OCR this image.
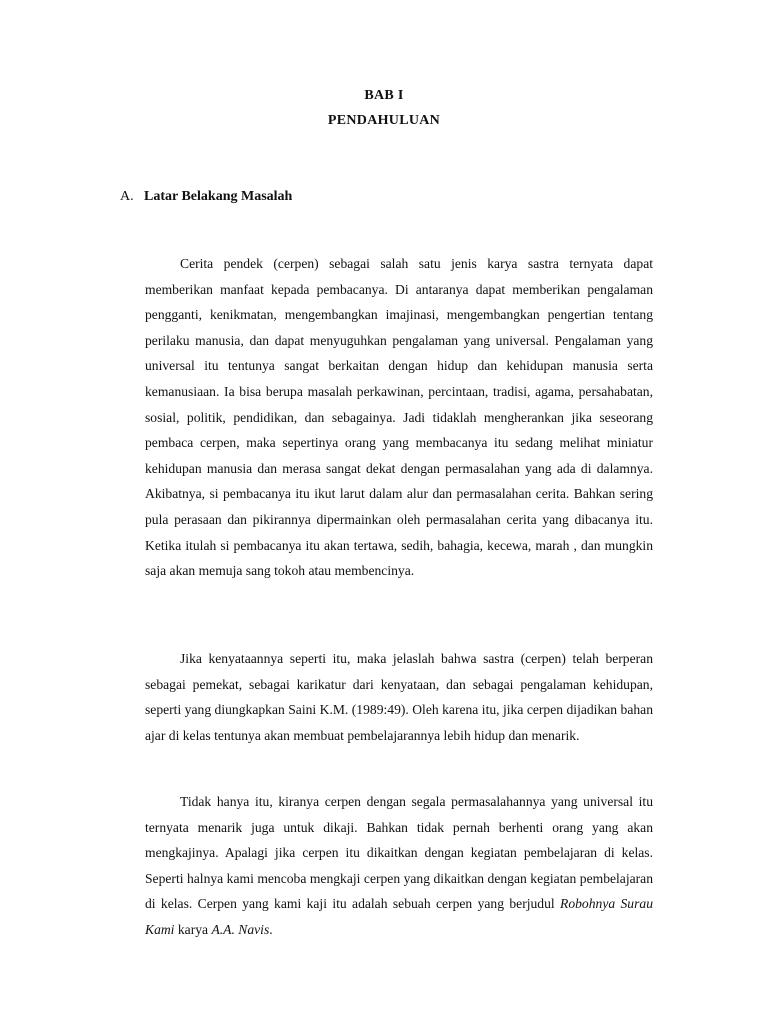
BAB I
PENDAHULUAN
A. Latar Belakang Masalah

Cerita pendek (cerpen) sebagai salah satu jenis karya sastra ternyata dapat memberikan manfaat kepada pembacanya. Di antaranya dapat memberikan pengalaman pengganti, kenikmatan, mengembangkan imajinasi, mengembangkan pengertian tentang perilaku manusia, dan dapat menyuguhkan pengalaman yang universal. Pengalaman yang universal itu tentunya sangat berkaitan dengan hidup dan kehidupan manusia serta kemanusiaan. Ia bisa berupa masalah perkawinan, percintaan, tradisi, agama, persahabatan, sosial, politik, pendidikan, dan sebagainya. Jadi tidaklah mengherankan jika seseorang pembaca cerpen, maka sepertinya orang yang membacanya itu sedang melihat miniatur kehidupan manusia dan merasa sangat dekat dengan permasalahan yang ada di dalamnya. Akibatnya, si pembacanya itu ikut larut dalam alur dan permasalahan cerita. Bahkan sering pula perasaan dan pikirannya dipermainkan oleh permasalahan cerita yang dibacanya itu. Ketika itulah si pembacanya itu akan tertawa, sedih, bahagia, kecewa, marah , dan mungkin saja akan memuja sang tokoh atau membencinya.

Jika kenyataannya seperti itu, maka jelaslah bahwa sastra (cerpen) telah berperan sebagai pemekat, sebagai karikatur dari kenyataan, dan sebagai pengalaman kehidupan, seperti yang diungkapkan Saini K.M. (1989:49). Oleh karena itu, jika cerpen dijadikan bahan ajar di kelas tentunya akan membuat pembelajarannya lebih hidup dan menarik.

Tidak hanya itu, kiranya cerpen dengan segala permasalahannya yang universal itu ternyata menarik juga untuk dikaji. Bahkan tidak pernah berhenti orang yang akan mengkajinya. Apalagi jika cerpen itu dikaitkan dengan kegiatan pembelajaran di kelas. Seperti halnya kami mencoba mengkaji cerpen yang dikaitkan dengan kegiatan pembelajaran di kelas. Cerpen yang kami kaji itu adalah sebuah cerpen yang berjudul Robohnya Surau Kami karya A.A. Navis.
